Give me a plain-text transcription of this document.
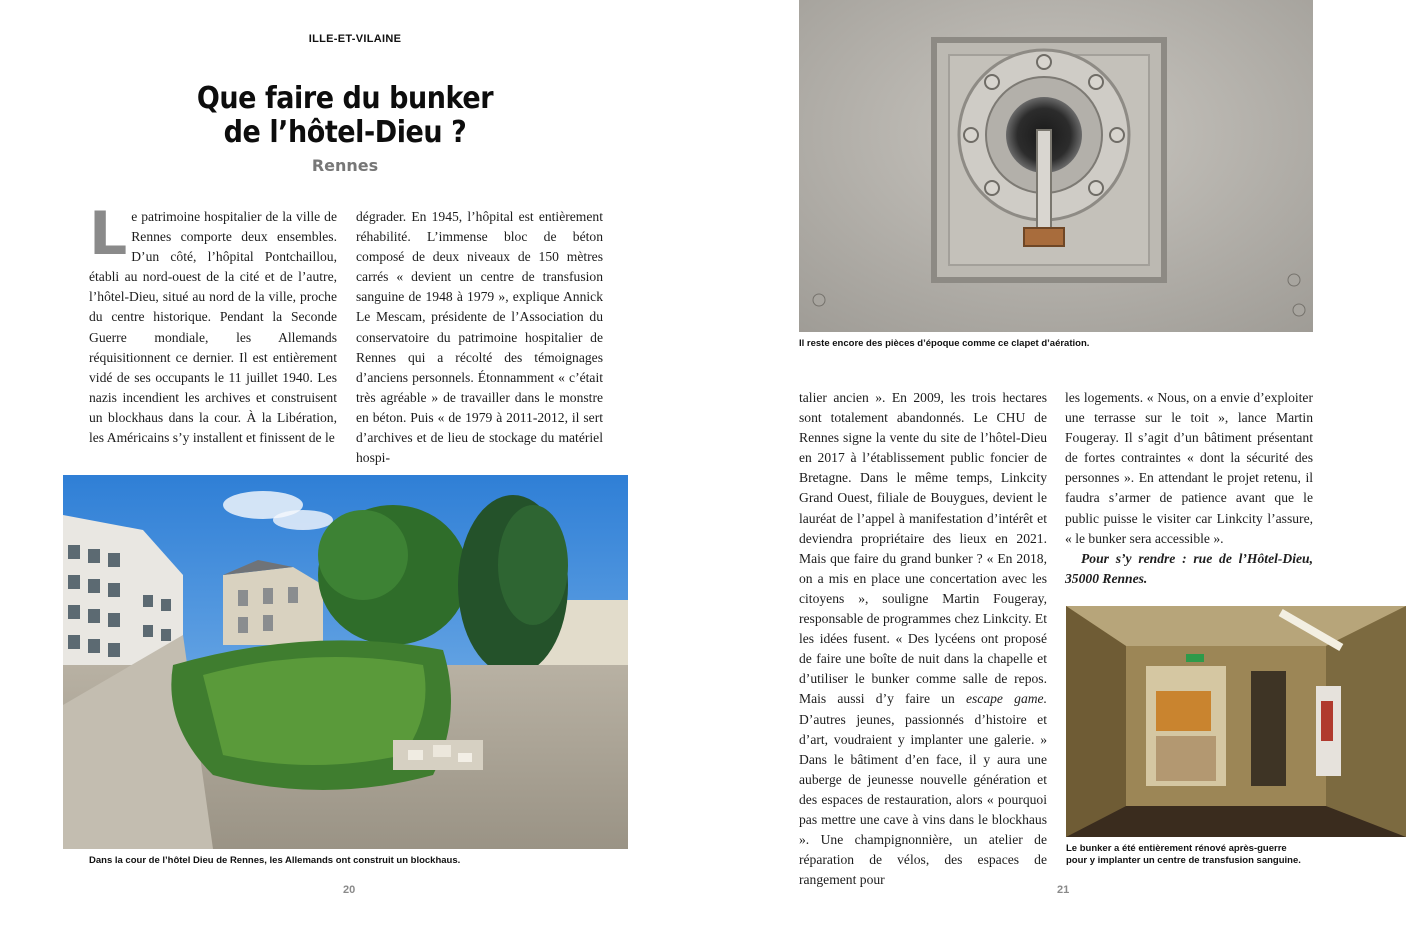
ILLE-ET-VILAINE
Que faire du bunker
de l’hôtel-Dieu ?
Rennes

Le patrimoine hospitalier de la ville de Rennes comporte deux ensembles. D’un côté, l’hôpital Pontchaillou, établi au nord-ouest de la cité et de l’autre, l’hôtel-Dieu, situé au nord de la ville, proche du centre historique. Pendant la Seconde Guerre mondiale, les Allemands réquisitionnent ce dernier. Il est entièrement vidé de ses occupants le 11 juillet 1940. Les nazis incendient les archives et construisent un blockhaus dans la cour. À la Libération, les Américains s’y installent et finissent de le

dégrader. En 1945, l’hôpital est entièrement réhabilité. L’immense bloc de béton composé de deux niveaux de 150 mètres carrés « devient un centre de transfusion sanguine de 1948 à 1979 », explique Annick Le Mescam, présidente de l’Association du conservatoire du patrimoine hospitalier de Rennes qui a récolté des témoignages d’anciens personnels. Étonnamment « c’était très agréable » de travailler dans le monstre en béton. Puis « de 1979 à 2011-2012, il sert d’archives et de lieu de stockage du matériel hospi-

Dans la cour de l’hôtel Dieu de Rennes, les Allemands ont construit un blockhaus.
20
Il reste encore des pièces d’époque comme ce clapet d’aération.

talier ancien ». En 2009, les trois hectares sont totalement abandonnés. Le CHU de Rennes signe la vente du site de l’hôtel-Dieu en 2017 à l’établissement public foncier de Bretagne. Dans le même temps, Linkcity Grand Ouest, filiale de Bouygues, devient le lauréat de l’appel à manifestation d’intérêt et deviendra propriétaire des lieux en 2021. Mais que faire du grand bunker ? « En 2018, on a mis en place une concertation avec les citoyens », souligne Martin Fougeray, responsable de programmes chez Linkcity. Et les idées fusent. « Des lycéens ont proposé de faire une boîte de nuit dans la chapelle et d’utiliser le bunker comme salle de repos. Mais aussi d’y faire un escape game. D’autres jeunes, passionnés d’histoire et d’art, voudraient y implanter une galerie. » Dans le bâtiment d’en face, il y aura une auberge de jeunesse nouvelle génération et des espaces de restauration, alors « pourquoi pas mettre une cave à vins dans le blockhaus ». Une champignonnière, un atelier de réparation de vélos, des espaces de rangement pour

les logements. « Nous, on a envie d’exploiter une terrasse sur le toit », lance Martin Fougeray. Il s’agit d’un bâtiment présentant de fortes contraintes « dont la sécurité des personnes ». En attendant le projet retenu, il faudra s’armer de patience avant que le public puisse le visiter car Linkcity l’assure, « le bunker sera accessible ».

Pour s’y rendre : rue de l’Hôtel-Dieu, 35000 Rennes.

Le bunker a été entièrement rénové après-guerre pour y implanter un centre de transfusion sanguine.
21
